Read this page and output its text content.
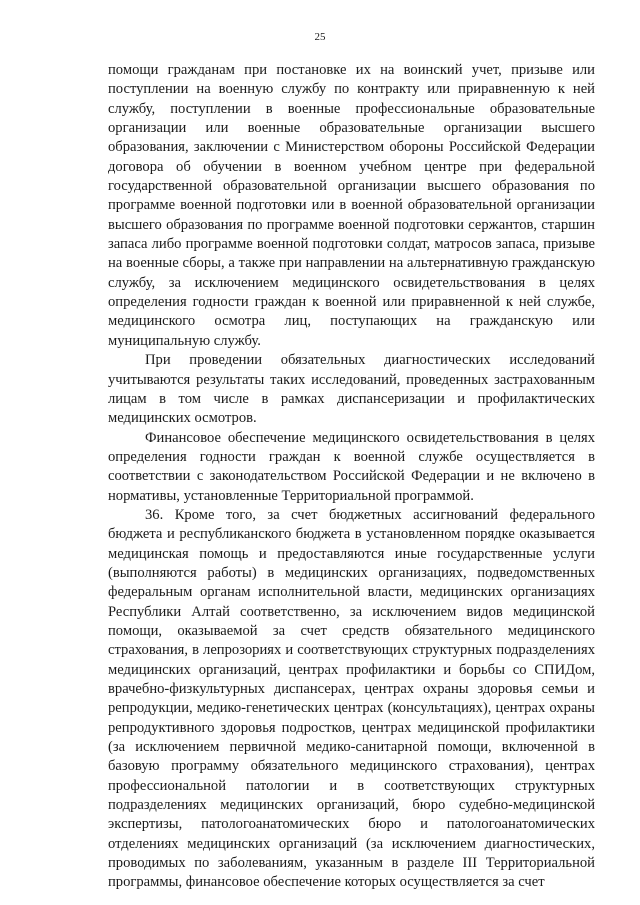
25

помощи гражданам при постановке их на воинский учет, призыве или поступлении на военную службу по контракту или приравненную к ней службу, поступлении в военные профессиональные образовательные организации или военные образовательные организации высшего образования, заключении с Министерством обороны Российской Федерации договора об обучении в военном учебном центре при федеральной государственной образовательной организации высшего образования по программе военной подготовки или в военной образовательной организации высшего образования по программе военной подготовки сержантов, старшин запаса либо программе военной подготовки солдат, матросов запаса, призыве на военные сборы, а также при направлении на альтернативную гражданскую службу, за исключением медицинского освидетельствования в целях определения годности граждан к военной или приравненной к ней службе, медицинского осмотра лиц, поступающих на гражданскую или муниципальную службу.

При проведении обязательных диагностических исследований учитываются результаты таких исследований, проведенных застрахованным лицам в том числе в рамках диспансеризации и профилактических медицинских осмотров.

Финансовое обеспечение медицинского освидетельствования в целях определения годности граждан к военной службе осуществляется в соответствии с законодательством Российской Федерации и не включено в нормативы, установленные Территориальной программой.

36. Кроме того, за счет бюджетных ассигнований федерального бюджета и республиканского бюджета в установленном порядке оказывается медицинская помощь и предоставляются иные государственные услуги (выполняются работы) в медицинских организациях, подведомственных федеральным органам исполнительной власти, медицинских организациях Республики Алтай соответственно, за исключением видов медицинской помощи, оказываемой за счет средств обязательного медицинского страхования, в лепрозориях и соответствующих структурных подразделениях медицинских организаций, центрах профилактики и борьбы со СПИДом, врачебно-физкультурных диспансерах, центрах охраны здоровья семьи и репродукции, медико-генетических центрах (консультациях), центрах охраны репродуктивного здоровья подростков, центрах медицинской профилактики (за исключением первичной медико-санитарной помощи, включенной в базовую программу обязательного медицинского страхования), центрах профессиональной патологии и в соответствующих структурных подразделениях медицинских организаций, бюро судебно-медицинской экспертизы, патологоанатомических бюро и патологоанатомических отделениях медицинских организаций (за исключением диагностических, проводимых по заболеваниям, указанным в разделе III Территориальной программы, финансовое обеспечение которых осуществляется за счет
